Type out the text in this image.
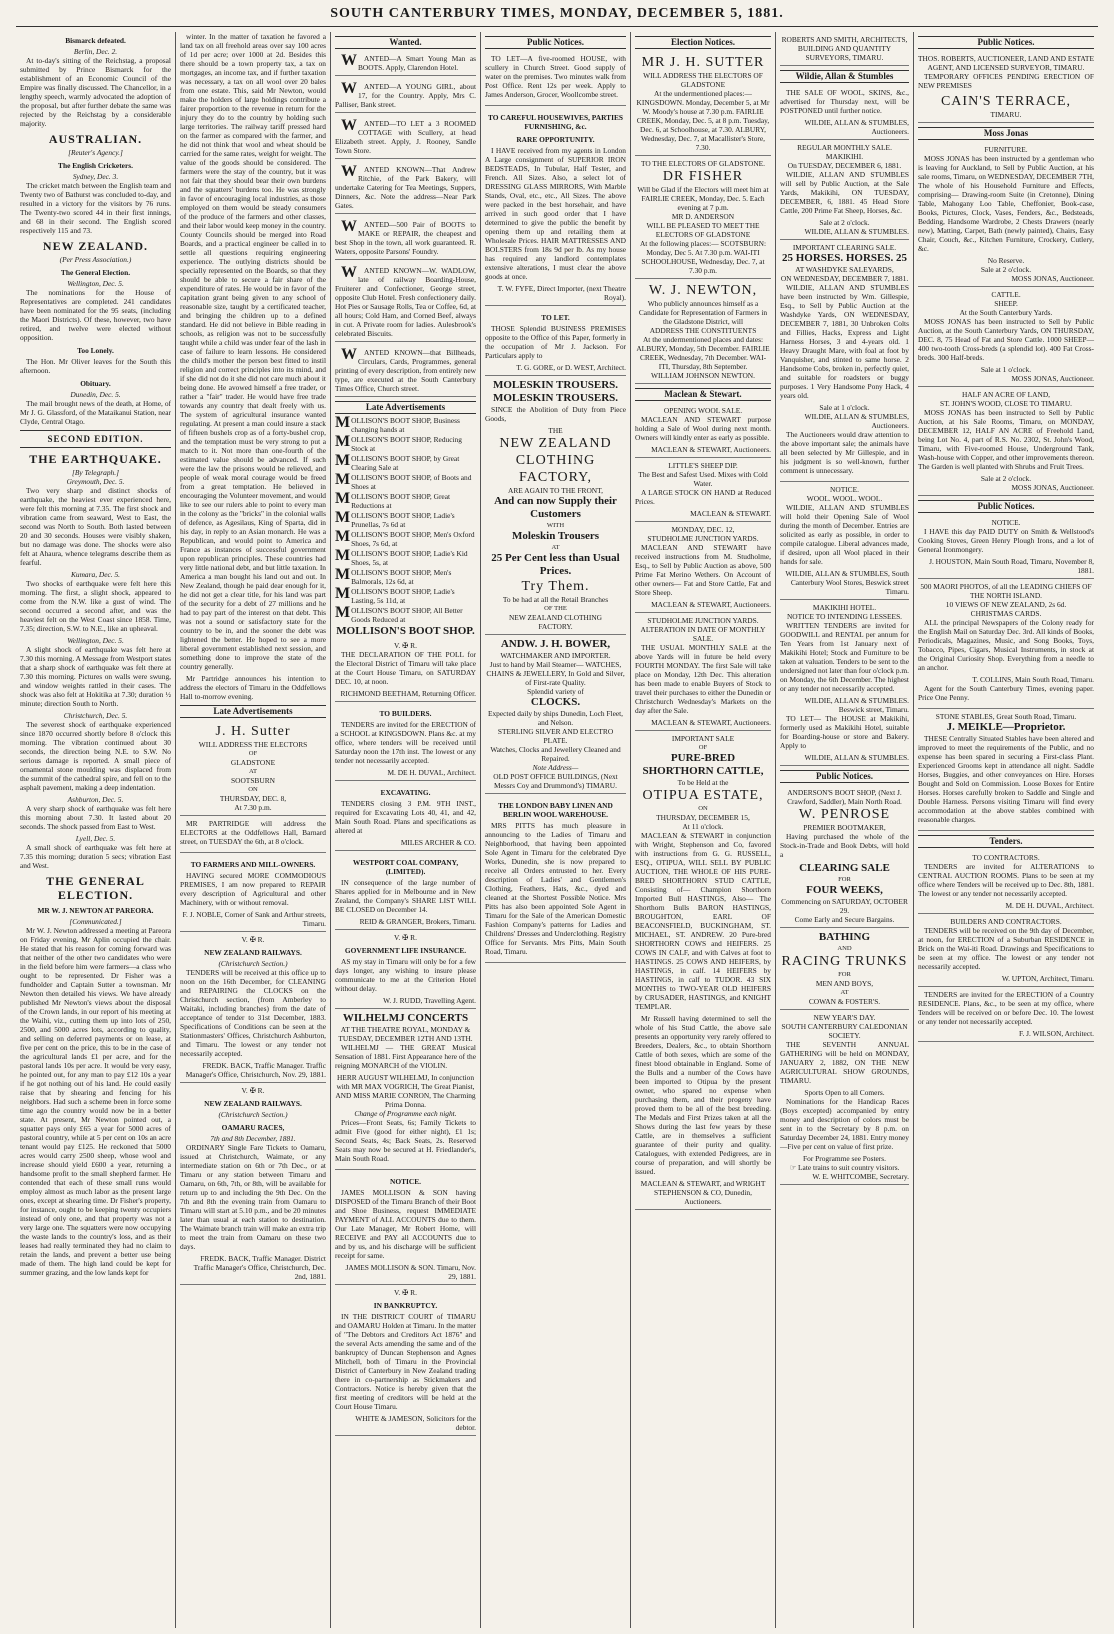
SOUTH CANTERBURY TIMES, MONDAY, DECEMBER 5, 1881.
Bismarck defeated.
Berlin, Dec. 2.

At to-day's sitting of the Reichstag, a proposal submitted by Prince Bismarck for the establishment of an Economic Council of the Empire was finally discussed. The Chancellor, in a lengthy speech, warmly advocated the adoption of the proposal, but after further debate the same was rejected by the Reichstag by a considerable majority.

AUSTRALIAN.
[Reuter's Agency.]
The English Cricketers.
Sydney, Dec. 3.

The cricket match between the English team and Twenty two of Bathurst was concluded to-day, and resulted in a victory for the visitors by 76 runs. The Twenty-two scored 44 in their first innings, and 68 in their second. The English scored respectively 115 and 73.

NEW ZEALAND.
(Per Press Association.)
The General Election.
Wellington, Dec. 5.

The nominations for the House of Representatives are completed. 241 candidates have been nominated for the 95 seats, (including the Maori Districts). Of these, however, two have retired, and twelve were elected without opposition.

Too Lonely.

The Hon. Mr Oliver leaves for the South this afternoon.

Obituary.
Dunedin, Dec. 5.

The mail brought news of the death, at Home, of Mr J. G. Glassford, of the Mataikanui Station, near Clyde, Central Otago.

SECOND EDITION.
THE EARTHQUAKE.
[By Telegraph.]
Greymouth, Dec. 5.

Two very sharp and distinct shocks of earthquake, the heaviest ever experienced here, were felt this morning at 7.35. The first shock and vibration came from seaward, West to East, the second was North to South. Both lasted between 20 and 30 seconds. Houses were visibly shaken, but no damage was done. The shocks were also felt at Ahaura, whence telegrams describe them as fearful.

Kumara, Dec. 5.

Two shocks of earthquake were felt here this morning. The first, a slight shock, appeared to come from the N.W. like a gust of wind. The second occurred a second after, and was the heaviest felt on the West Coast since 1858. Time, 7.35; direction, S.W. to N.E., like an upheaval.

Wellington, Dec. 5.

A slight shock of earthquake was felt here at 7.30 this morning. A Message from Westport states that a sharp shock of earthquake was felt there at 7.30 this morning. Pictures on walls were swung, and window weights rattled in their cases. The shock was also felt at Hokitika at 7.30; duration ½ minute; direction South to North.

Christchurch, Dec. 5.

The severest shock of earthquake experienced since 1870 occurred shortly before 8 o'clock this morning. The vibration continued about 30 seconds, the direction being N.E. to S.W. No serious damage is reported. A small piece of ornamental stone moulding was displaced from the summit of the cathedral spire, and fell on to the asphalt pavement, making a deep indentation.

Ashburton, Dec. 5.

A very sharp shock of earthquake was felt here this morning about 7.30. It lasted about 20 seconds. The shock passed from East to West.

Lyell, Dec. 5.

A small shock of earthquake was felt here at 7.35 this morning; duration 5 secs; vibration East and West.

THE GENERAL ELECTION.
MR W. J. NEWTON AT PAREORA.
[Communicated.]

Mr W. J. Newton addressed a meeting at Pareora on Friday evening, Mr Aplin occupied the chair. He stated that his reason for coming forward was that neither of the other two candidates who were in the field before him were farmers—a class who ought to be represented. Dr Fisher was a fundholder and Captain Sutter a townsman. Mr Newton then detailed his views. We have already published Mr Newton's views about the disposal of the Crown lands, in our report of his meeting at the Waihi, viz., cutting them up into lots of 250, 2500, and 5000 acres lots, according to quality, and selling on deferred payments or on lease, at five per cent on the price, this to be in the case of the agricultural lands £1 per acre, and for the pastoral lands 10s per acre. It would be very easy, he pointed out, for any man to pay £12 10s a year if he got nothing out of his land. He could easily raise that by shearing and fencing for his neighbors. Had such a scheme been in force some time ago the country would now be in a better state. At present, Mr Newton pointed out, a squatter pays only £65 a year for 5000 acres of pastoral country, while at 5 per cent on 10s an acre tenant would pay £125. He reckoned that 5000 acres would carry 2500 sheep, whose wool and increase should yield £600 a year, returning a handsome profit to the small shepherd farmer. He contended that each of these small runs would employ almost as much labor as the present large ones, except at shearing time. Dr Fisher's property, for instance, ought to be keeping twenty occupiers instead of only one, and that property was not a very large one. The squatters were now occupying the waste lands to the country's loss, and as their leases had really terminated they had no claim to retain the lands, and prevent a better use being made of them. The high land could be kept for summer grazing, and the low lands kept for

winter. In the matter of taxation he favored a land tax on all freehold areas over say 100 acres of 1d per acre; over 1000 at 2d. Besides this there should be a town property tax, a tax on mortgages, an income tax, and if further taxation was necessary, a tax on all wool over 20 bales from one estate. This, said Mr Newton, would make the holders of large holdings contribute a fairer proportion to the revenue in return for the injury they do to the country by holding such large territories. The railway tariff pressed hard on the farmer as compared with the farmer, and he did not think that wool and wheat should be carried for the same rates, weight for weight. The value of the goods should be considered. The farmers were the stay of the country, but it was not fair that they should bear their own burdens and the squatters' burdens too. He was strongly in favor of encouraging local industries, as those employed on them would be steady consumers of the produce of the farmers and other classes, and their labor would keep money in the country. County Councils should be merged into Road Boards, and a practical engineer be called in to settle all questions requiring engineering experience. The outlying districts should be specially represented on the Boards, so that they should be able to secure a fair share of the expenditure of rates. He would be in favor of the capitation grant being given to any school of reasonable size, taught by a certificated teacher, and bringing the children up to a defined standard. He did not believe in Bible reading in schools, as religion was not to be successfully taught while a child was under fear of the lash in case of failure to learn lessons. He considered the child's mother the person best fitted to instil religion and correct principles into its mind, and if she did not do it she did not care much about it being done. He avowed himself a free trader, or rather a "fair" trader. He would have free trade towards any country that dealt freely with us. The system of agricultural insurance wanted regulating. At present a man could insure a stack of fifteen bushels crop as of a forty-bushel crop, and the temptation must be very strong to put a match to it. Not more than one-fourth of the estimated value should be advanced. If such were the law the prisons would be relieved, and people of weak moral courage would be freed from a great temptation. He believed in encouraging the Volunteer movement, and would like to see our rulers able to point to every man in the colony as the "bricks" in the colonial walls of defence, as Agesilaus, King of Sparta, did in his day, in reply to an Asian monarch. He was a Republican, and would point to America and France as instances of successful government upon republican principles. These countries had very little national debt, and but little taxation. In America a man bought his land out and out. In New Zealand, though he paid dear enough for it, he did not get a clear title, for his land was part of the security for a debt of 27 millions and he had to pay part of the interest on that debt. This was not a sound or satisfactory state for the country to be in, and the sooner the debt was lightened the better. He hoped to see a more liberal government established next session, and something done to improve the state of the country generally.

Mr Partridge announces his intention to address the electors of Timaru in the Oddfellows Hall to-morrow evening.

Late Advertisements
J. H. Sutter
WILL ADDRESS THE ELECTORS
OF
GLADSTONE
AT
SOOTSBURN
ON
THURSDAY, DEC. 8,
At 7.30 p.m.

MR PARTRIDGE will address the ELECTORS at the Oddfellows Hall, Barnard street, on TUESDAY the 6th, at 8 o'clock.

TO FARMERS AND MILL-OWNERS.

HAVING secured MORE COMMODIOUS PREMISES, I am now prepared to REPAIR every description of Agricultural and other Machinery, with or without removal.

F. J. NOBLE, Corner of Sank and Arthur streets, Timaru.
V. ✠ R.
NEW ZEALAND RAILWAYS.
(Christchurch Section.)

TENDERS will be received at this office up to noon on the 16th December, for CLEANING and REPAIRING the CLOCKS on the Christchurch section, (from Amberley to Waitaki, including branches) from the date of acceptance of tender to 31st December, 1883. Specifications of Conditions can be seen at the Stationmasters' Offices, Christchurch Ashburton, and Timaru. The lowest or any tender not necessarily accepted.

FREDK. BACK, Traffic Manager. Traffic Manager's Office, Christchurch, Nov. 29, 1881.
V. ✠ R.
NEW ZEALAND RAILWAYS.
(Christchurch Section.)
OAMARU RACES,
7th and 8th December, 1881.

ORDINARY Single Fare Tickets to Oamaru, issued at Christchurch, Waimate, or any intermediate station on 6th or 7th Dec., or at Timaru or any station between Timaru and Oamaru, on 6th, 7th, or 8th, will be available for return up to and including the 9th Dec. On the 7th and 8th the evening train from Oamaru to Timaru will start at 5.10 p.m., and be 20 minutes later than usual at each station to destination. The Waimate branch train will make an extra trip to meet the train from Oamaru on these two days.

FREDK. BACK, Traffic Manager. District Traffic Manager's Office, Christchurch, Dec. 2nd, 1881.
Wanted.

WANTED—A Smart Young Man as BOOTS. Apply, Clarendon Hotel.

WANTED—A YOUNG GIRL, about 17, for the Country. Apply, Mrs C. Palliser, Bank street.

WANTED—TO LET a 3 ROOMED COTTAGE with Scullery, at head Elizabeth street. Apply, J. Rooney, Sandle Town Store.

WANTED KNOWN—That Andrew Ritchie, of the Park Bakery, will undertake Catering for Tea Meetings, Suppers, Dinners, &c. Note the address—Near Park Gates.

WANTED—500 Pair of BOOTS to MAKE or REPAIR, the cheapest and best Shop in the town, all work guaranteed. R. Waters, opposite Parsons' Foundry.

WANTED KNOWN—W. WADLOW, late of railway Boarding-House, Fruiterer and Confectioner, George street, opposite Club Hotel. Fresh confectionery daily. Hot Pies or Sausage Rolls, Tea or Coffee, 6d, at all hours; Cold Ham, and Corned Beef, always in cut. A Private room for ladies. Aulesbrook's celebrated Biscuits.

WANTED KNOWN—that Billheads, Circulars, Cards, Programmes, general printing of every description, from entirely new type, are executed at the South Canterbury Times Office, Church street.

Late Advertisements
MOLLISON'S BOOT SHOP, Business changing hands at
MOLLISON'S BOOT SHOP, Reducing Stock at
MOLLISON'S BOOT SHOP, by Great Clearing Sale at
MOLLISON'S BOOT SHOP, of Boots and Shoes at
MOLLISON'S BOOT SHOP, Great Reductions at
MOLLISON'S BOOT SHOP, Ladie's Prunellas, 7s 6d at
MOLLISON'S BOOT SHOP, Men's Oxford Shoes, 7s 6d, at
MOLLISON'S BOOT SHOP, Ladie's Kid Shoes, 5s, at
MOLLISON'S BOOT SHOP, Men's Balmorals, 12s 6d, at
MOLLISON'S BOOT SHOP, Ladie's Lasting, 5s 11d, at
MOLLISON'S BOOT SHOP, All Better Goods Reduced at
MOLLISON'S BOOT SHOP.
V. ✠ R.

THE DECLARATION OF THE POLL for the Electoral District of Timaru will take place at the Court House Timaru, on SATURDAY DEC. 10, at noon.

RICHMOND BEETHAM, Returning Officer.
TO BUILDERS.

TENDERS are invited for the ERECTION of a SCHOOL at KINGSDOWN. Plans &c. at my office, where tenders will be received until Saturday noon the 17th inst. The lowest or any tender not necessarily accepted.

M. DE H. DUVAL, Architect.
EXCAVATING.

TENDERS closing 3 P.M. 9TH INST., required for Excavating Lots 40, 41, and 42, Main South Road. Plans and specifications as altered at

MILES ARCHER & CO.
WESTPORT COAL COMPANY, (LIMITED).

IN consequence of the large number of Shares applied for in Melbourne and in New Zealand, the Company's SHARE LIST WILL BE CLOSED on December 14.

REID & GRANGER, Brokers, Timaru.
V. ✠ R.
GOVERNMENT LIFE INSURANCE.

AS my stay in Timaru will only be for a few days longer, any wishing to insure please communicate to me at the Criterion Hotel without delay.

W. J. RUDD, Travelling Agent.
WILHELMJ CONCERTS
AT THE THEATRE ROYAL, MONDAY & TUESDAY, DECEMBER 12TH AND 13TH.

WILHELMJ — THE GREAT Musical Sensation of 1881. First Appearance here of the reigning MONARCH of the VIOLIN.

HERR AUGUST WILHELMJ, In conjunction with MR MAX VOGRICH, The Great Pianist, AND MISS MARIE CONRON, The Charming Prima Donna.
Change of Programme each night.

Prices—Front Seats, 6s; Family Tickets to admit Five (good for either night), £1 1s; Second Seats, 4s; Back Seats, 2s. Reserved Seats may now be secured at H. Friedlander's, Main South Road.

NOTICE.

JAMES MOLLISON & SON having DISPOSED of the Timaru Branch of their Boot and Shoe Business, request IMMEDIATE PAYMENT of ALL ACCOUNTS due to them. Our Late Manager, Mr Robert Home, will RECEIVE and PAY all ACCOUNTS due to and by us, and his discharge will be sufficient receipt for same.

JAMES MOLLISON & SON. Timaru, Nov. 29, 1881.
V. ✠ R.
IN BANKRUPTCY.

IN THE DISTRICT COURT of TIMARU and OAMARU Holden at Timaru. In the matter of "The Debtors and Creditors Act 1876" and the several Acts amending the same and of the bankruptcy of Duncan Stephenson and Agnes Mitchell, both of Timaru in the Provincial District of Canterbury in New Zealand trading there in co-partnership as Stickmakers and Contractors. Notice is hereby given that the first meeting of creditors will be held at the Court House Timaru.

WHITE & JAMESON, Solicitors for the debtor.
Public Notices.

TO LET—A five-roomed HOUSE, with scullery in Church Street. Good supply of water on the premises. Two minutes walk from Post Office. Rent 12s per week. Apply to James Anderson, Grocer, Woollcombe street.

TO CAREFUL HOUSEWIVES, PARTIES FURNISHING, &c.
RARE OPPORTUNITY.

I HAVE received from my agents in London A Large consignment of SUPERIOR IRON BEDSTEADS, In Tubular, Half Tester, and French. All Sizes. Also, a select lot of DRESSING GLASS MIRRORS, With Marble Stands, Oval, etc., etc., All Sizes. The above were packed in the best horsehair, and have arrived in such good order that I have determined to give the public the benefit by opening them up and retailing them at Wholesale Prices. HAIR MATTRESSES AND BOLSTERS from 18s 9d per lb. As my house has required any landlord contemplates extensive alterations, I must clear the above goods at once.

T. W. FYFE, Direct Importer, (next Theatre Royal).
TO LET.

THOSE Splendid BUSINESS PREMISES opposite to the Office of this Paper, formerly in the occupation of Mr J. Jackson. For Particulars apply to

T. G. GORE, or D. WEST, Architect.
MOLESKIN TROUSERS.
MOLESKIN TROUSERS.

SINCE the Abolition of Duty from Piece Goods,

THE
NEW ZEALAND
CLOTHING FACTORY,
ARE AGAIN TO THE FRONT,
And can now Supply their
Customers
WITH
Moleskin Trousers
AT
25 Per Cent less than Usual
Prices.
Try Them.
To be had at all the Retail Branches
OF THE
NEW ZEALAND CLOTHING
FACTORY.
ANDW. J. H. BOWER,
WATCHMAKER AND IMPORTER.
Just to hand by Mail Steamer— WATCHES, CHAINS & JEWELLERY, In Gold and Silver, of First-rate Quality.
Splendid variety of
CLOCKS.
Expected daily by ships Dunedin, Loch Fleet, and Nelson.
STERLING SILVER AND ELECTRO PLATE.
Watches, Clocks and Jewellery Cleaned and Repaired.
Note Address—
OLD POST OFFICE BUILDINGS, (Next Messrs Coy and Drummond's) TIMARU.
THE LONDON BABY LINEN AND BERLIN WOOL WAREHOUSE.

MRS PITTS has much pleasure in announcing to the Ladies of Timaru and Neighborhood, that having been appointed Sole Agent in Timaru for the celebrated Dye Works, Dunedin, she is now prepared to receive all Orders entrusted to her. Every description of Ladies' and Gentlemen's Clothing, Feathers, Hats, &c., dyed and cleaned at the Shortest Possible Notice. Mrs Pitts has also been appointed Sole Agent in Timaru for the Sale of the American Domestic Fashion Company's patterns for Ladies and Childrens' Dresses and Underclothing. Registry Office for Servants. Mrs Pitts, Main South Road, Timaru.

Election Notices.
MR J. H. SUTTER
WILL ADDRESS THE ELECTORS OF
GLADSTONE
At the undermentioned places:— KINGSDOWN. Monday, December 5, at Mr W. Moody's house at 7.30 p.m. FAIRLIE CREEK, Monday, Dec. 5, at 8 p.m. Tuesday, Dec. 6, at Schoolhouse, at 7.30. ALBURY, Wednesday, Dec. 7, at Macallister's Store, 7.30.
TO THE ELECTORS OF GLADSTONE.
DR FISHER
Will be Glad if the Electors will meet him at
FAIRLIE CREEK, Monday, Dec. 5. Each evening at 7 p.m.
MR D. ANDERSON
WILL BE PLEASED TO MEET THE ELECTORS OF GLADSTONE
At the following places:— SCOTSBURN: Monday, Dec 5. At 7.30 p.m. WAI-ITI SCHOOLHOUSE, Wednesday, Dec. 7, at 7.30 p.m.
W. J. NEWTON,
Who publicly announces himself as a Candidate for Representation of Farmers in the Gladstone District, will
ADDRESS THE CONSTITUENTS
At the undermentioned places and dates: ALBURY, Monday, 5th December. FAIRLIE CREEK, Wednesday, 7th December. WAI-ITI, Thursday, 8th September.
WILLIAM JOHNSON NEWTON.
Maclean & Stewart.
OPENING WOOL SALE.

MACLEAN AND STEWART purpose holding a Sale of Wool during next month. Owners will kindly enter as early as possible.

MACLEAN & STEWART, Auctioneers.
LITTLE'S SHEEP DIP.
The Best and Safest Used. Mixes with Cold Water.

A LARGE STOCK ON HAND at Reduced Prices.

MACLEAN & STEWART.
MONDAY, DEC. 12,
STUDHOLME JUNCTION YARDS.

MACLEAN AND STEWART have received instructions from M. Studholme, Esq., to Sell by Public Auction as above, 500 Prime Fat Merino Wethers. On Account of other owners— Fat and Store Cattle, Fat and Store Sheep.

MACLEAN & STEWART, Auctioneers.
STUDHOLME JUNCTION YARDS.
ALTERATION IN DATE OF MONTHLY SALE.

THE USUAL MONTHLY SALE at the above Yards will in future be held every FOURTH MONDAY. The first Sale will take place on Monday, 12th Dec. This alteration has been made to enable Buyers of Stock to travel their purchases to either the Dunedin or Christchurch Wednesday's Markets on the day after the Sale.

MACLEAN & STEWART, Auctioneers.
IMPORTANT SALE
OF
PURE-BRED SHORTHORN CATTLE,
To be Held at the
OTIPUA ESTATE,
ON
THURSDAY, DECEMBER 15,
At 11 o'clock.

MACLEAN & STEWART in conjunction with Wright, Stephenson and Co, favored with instructions from G. G. RUSSELL, ESQ., OTIPUA, WILL SELL BY PUBLIC AUCTION, THE WHOLE OF HIS PURE-BRED SHORTHORN STUD CATTLE, Consisting of— Champion Shorthorn Imported Bull HASTINGS, Also— The Shorthorn Bulls BARON HASTINGS, BROUGHTON, EARL OF BEACONSFIELD, BUCKINGHAM, ST. MICHAEL, ST. ANDREW. 20 Pure-bred SHORTHORN COWS and HEIFERS. 25 COWS IN CALF, and with Calves at foot to HASTINGS. 25 COWS AND HEIFERS, by HASTINGS, in calf. 14 HEIFERS by HASTINGS, in calf to TUDOR. 43 SIX MONTHS to TWO-YEAR OLD HEIFERS by CRUSADER, HASTINGS, and KNIGHT TEMPLAR.

Mr Russell having determined to sell the whole of his Stud Cattle, the above sale presents an opportunity very rarely offered to Breeders, Dealers, &c., to obtain Shorthorn Cattle of both sexes, which are some of the finest blood obtainable in England. Some of the Bulls and a number of the Cows have been imported to Otipua by the present owner, who spared no expense when purchasing them, and their progeny have proved them to be all of the best breeding. The Medals and First Prizes taken at all the Shows during the last few years by these Cattle, are in themselves a sufficient guarantee of their purity and quality. Catalogues, with extended Pedigrees, are in course of preparation, and will shortly be issued.

MACLEAN & STEWART, and WRIGHT STEPHENSON & CO, Dunedin, Auctioneers.
ROBERTS AND SMITH, ARCHITECTS, BUILDING AND QUANTITY SURVEYORS, TIMARU.
Wildie, Allan & Stumbles

THE SALE OF WOOL, SKINS, &c., advertised for Thursday next, will be POSTPONED until further notice.

WILDIE, ALLAN & STUMBLES, Auctioneers.
REGULAR MONTHLY SALE.
MAKIKIHI.
On TUESDAY, DECEMBER 6, 1881.

WILDIE, ALLAN AND STUMBLES will sell by Public Auction, at the Sale Yards, Makikihi, ON TUESDAY, DECEMBER, 6, 1881. 45 Head Store Cattle, 200 Prime Fat Sheep, Horses, &c.

Sale at 2 o'clock.
WILDIE, ALLAN & STUMBLES.
IMPORTANT CLEARING SALE.
25 HORSES. HORSES. 25
AT WASHDYKE SALEYARDS,
ON WEDNESDAY, DECEMBER 7, 1881.

WILDIE, ALLAN AND STUMBLES have been instructed by Wm. Gillespie, Esq., to Sell by Public Auction at the Washdyke Yards, ON WEDNESDAY, DECEMBER 7, 1881, 30 Unbroken Colts and Fillies, Hacks, Express and Light Harness Horses, 3 and 4-years old. 1 Heavy Draught Mare, with foal at foot by Vanquisher, and stinted to same horse. 2 Handsome Cobs, broken in, perfectly quiet, and suitable for roadsters or buggy purposes. 1 Very Handsome Pony Hack, 4 years old.

Sale at 1 o'clock.
WILDIE, ALLAN & STUMBLES, Auctioneers.

The Auctioneers would draw attention to the above important sale; the animals have all been selected by Mr Gillespie, and in his judgment is so well-known, further comment is unnecessary.

NOTICE.
WOOL. WOOL. WOOL.

WILDIE, ALLAN AND STUMBLES will hold their Opening Sale of Wool during the month of December. Entries are solicited as early as possible, in order to compile catalogue. Liberal advances made, if desired, upon all Wool placed in their hands for sale.

WILDIE, ALLAN & STUMBLES, South Canterbury Wool Stores, Beswick street Timaru.
MAKIKIHI HOTEL.
NOTICE TO INTENDING LESSEES.

WRITTEN TENDERS are invited for GOODWILL and RENTAL per annum for Ten Years from 1st January next of Makikihi Hotel; Stock and Furniture to be taken at valuation. Tenders to be sent to the undersigned not later than four o'clock p.m. on Monday, the 6th December. The highest or any tender not necessarily accepted.

WILDIE, ALLAN & STUMBLES. Beswick street, Timaru.

TO LET— The HOUSE at Makikihi, formerly used as Makikihi Hotel, suitable for Boarding-house or store and Bakery. Apply to

WILDIE, ALLAN & STUMBLES.
Public Notices.
ANDERSON'S BOOT SHOP, (Next J. Crawford, Saddler), Main North Road.
W. PENROSE
PREMIER BOOTMAKER,

Having purchased the whole of the Stock-in-Trade and Book Debts, will hold a

CLEARING SALE
FOR
FOUR WEEKS,
Commencing on SATURDAY, OCTOBER 29.
Come Early and Secure Bargains.
BATHING
AND
RACING TRUNKS
FOR
MEN AND BOYS,
AT
COWAN & FOSTER'S.
NEW YEAR'S DAY.
SOUTH CANTERBURY CALEDONIAN SOCIETY.

THE SEVENTH ANNUAL GATHERING will be held on MONDAY, JANUARY 2, 1882, ON THE NEW AGRICULTURAL SHOW GROUNDS, TIMARU.

Sports Open to all Comers.

Nominations for the Handicap Races (Boys excepted) accompanied by entry money and description of colors must be sent in to the Secretary by 8 p.m. on Saturday December 24, 1881. Entry money—Five per cent on value of first prize.

For Programme see Posters.
☞ Late trains to suit country visitors.
W. E. WHITCOMBE, Secretary.
Public Notices.
THOS. ROBERTS, AUCTIONEER, LAND AND ESTATE AGENT, AND LICENSED SURVEYOR, TIMARU.

TEMPORARY OFFICES PENDING ERECTION OF NEW PREMISES

CAIN'S TERRACE,
TIMARU.
Moss Jonas
FURNITURE.

MOSS JONAS has been instructed by a gentleman who is leaving for Auckland, to Sell by Public Auction, at his sale rooms, Timaru, on WEDNESDAY, DECEMBER 7TH, The whole of his Household Furniture and Effects, comprising— Drawing-room Suite (in Cretonne), Dining Table, Mahogany Loo Table, Cheffonier, Book-case, Books, Pictures, Clock, Vases, Fenders, &c., Bedsteads, Bedding, Handsome Wardrobe, 2 Chests Drawers (nearly new), Matting, Carpet, Bath (newly painted), Chairs, Easy Chair, Couch, &c., Kitchen Furniture, Crockery, Cutlery, &c.

No Reserve.
Sale at 2 o'clock.
MOSS JONAS, Auctioneer.
CATTLE.
SHEEP.
At the South Canterbury Yards.

MOSS JONAS has been instructed to Sell by Public Auction, at the South Canterbury Yards, ON THURSDAY, DEC. 8, 75 Head of Fat and Store Cattle. 1000 SHEEP— 400 two-tooth Cross-breds (a splendid lot). 400 Fat Cross-breds. 300 Half-breds.

Sale at 1 o'clock.
MOSS JONAS, Auctioneer.
HALF AN ACRE OF LAND,
ST. JOHN'S WOOD, CLOSE TO TIMARU.

MOSS JONAS has been instructed to Sell by Public Auction, at his Sale Rooms, Timaru, on MONDAY, DECEMBER 12, HALF AN ACRE of Freehold Land, being Lot No. 4, part of R.S. No. 2302, St. John's Wood, Timaru, with Five-roomed House, Underground Tank, Wash-house with Copper, and other improvements thereon. The Garden is well planted with Shrubs and Fruit Trees.

Sale at 2 o'clock.
MOSS JONAS, Auctioneer.
Public Notices.
NOTICE.

I HAVE this day PAID DUTY on Smith & Wellstood's Cooking Stoves, Green Henry Plough Irons, and a lot of General Ironmongery.

J. HOUSTON, Main South Road, Timaru, November 8, 1881.
500 MAORI PHOTOS, of all the LEADING CHIEFS OF THE NORTH ISLAND.
10 VIEWS OF NEW ZEALAND, 2s 6d.
CHRISTMAS CARDS.

ALL the principal Newspapers of the Colony ready for the English Mail on Saturday Dec. 3rd. All kinds of Books, Periodicals, Magazines, Music, and Song Books, Toys, Tobacco, Pipes, Cigars, Musical Instruments, in stock at the Original Curiosity Shop. Everything from a needle to an anchor.

T. COLLINS, Main South Road, Timaru.

Agent for the South Canterbury Times, evening paper. Price One Penny.

STONE STABLES, Great South Road, Timaru.
J. MEIKLE—Proprietor.

THESE Centrally Situated Stables have been altered and improved to meet the requirements of the Public, and no expense has been spared in securing a First-class Plant. Experienced Grooms kept in attendance all night. Saddle Horses, Buggies, and other conveyances on Hire. Horses Bought and Sold on Commission. Loose Boxes for Entire Horses. Horses carefully broken to Saddle and Single and Double Harness. Persons visiting Timaru will find every accommodation at the above stables combined with reasonable charges.

Tenders.
TO CONTRACTORS.

TENDERS are invited for ALTERATIONS to CENTRAL AUCTION ROOMS. Plans to be seen at my office where Tenders will be received up to Dec. 8th, 1881. The lowest or any tender not necessarily accepted.

M. DE H. DUVAL, Architect.
BUILDERS AND CONTRACTORS.

TENDERS will be received on the 9th day of December, at noon, for ERECTION of a Suburban RESIDENCE in Brick on the Wai-iti Road. Drawings and Specifications to be seen at my office. The lowest or any tender not necessarily accepted.

W. UPTON, Architect, Timaru.

TENDERS are invited for the ERECTION of a Country RESIDENCE. Plans, &c., to be seen at my office, where Tenders will be received on or before Dec. 10. The lowest or any tender not necessarily accepted.

F. J. WILSON, Architect.
